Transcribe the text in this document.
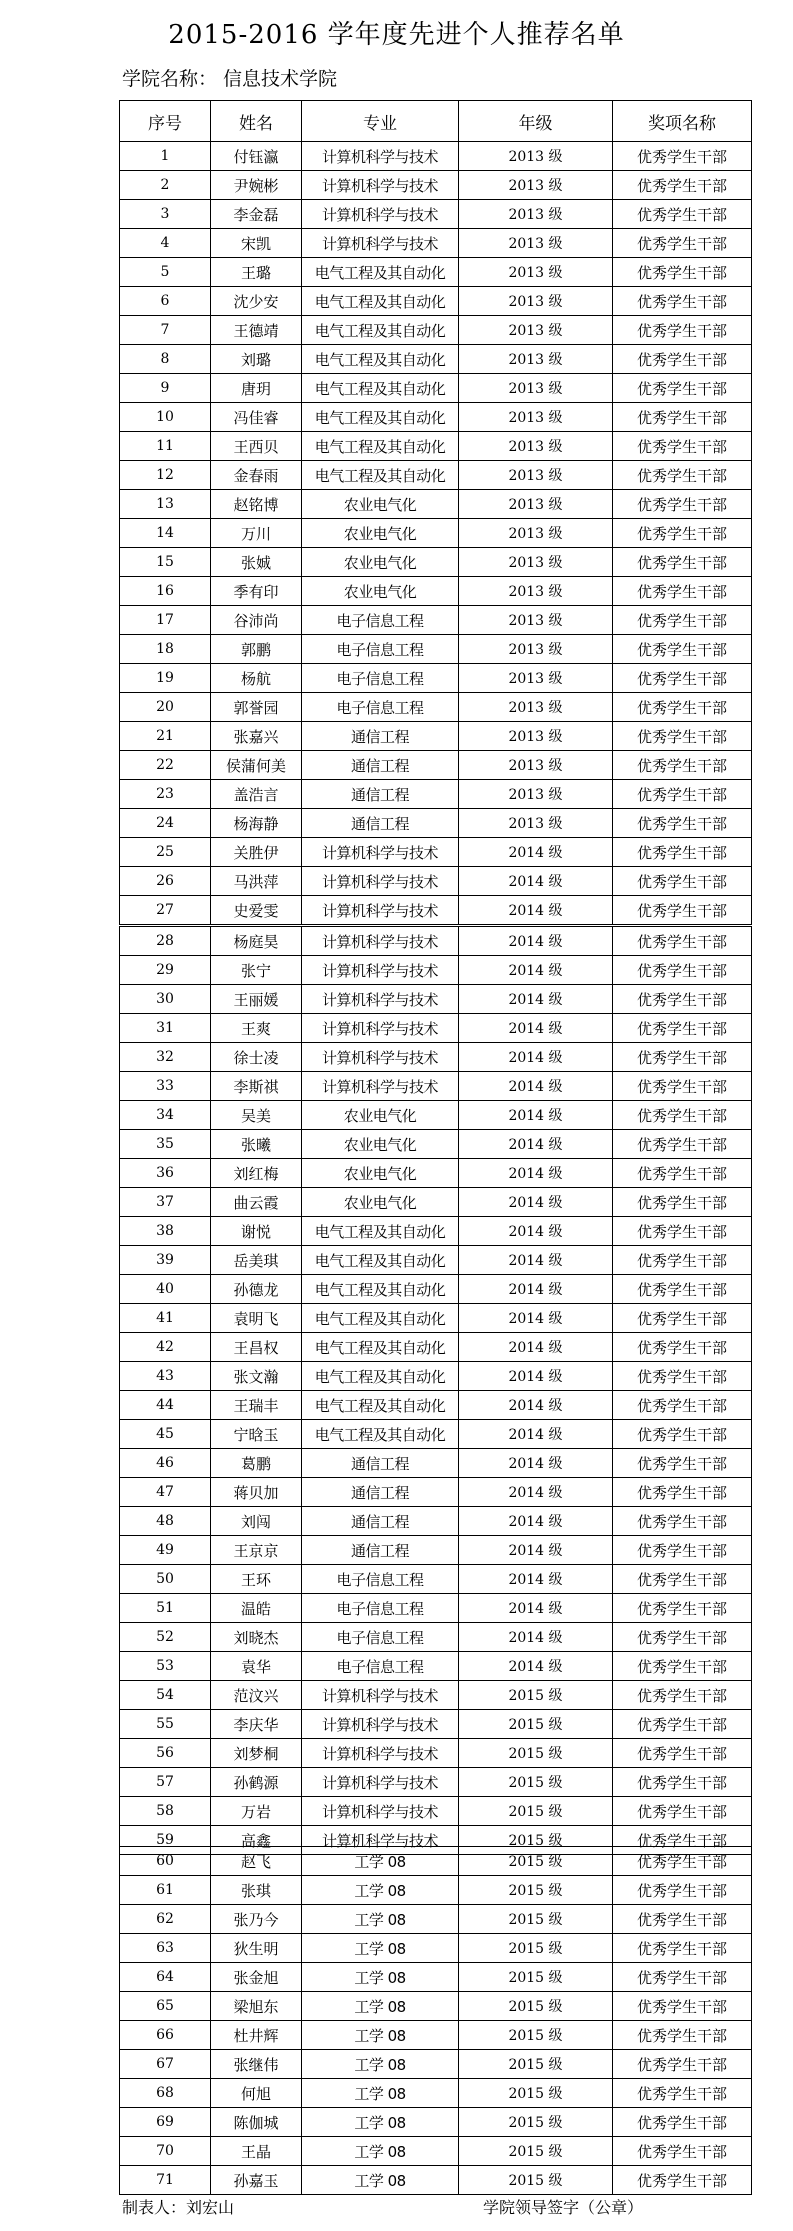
2015-2016 学年度先进个人推荐名单
学院名称： 信息技术学院
序号	姓名	专业	年级	奖项名称
1	付钰瀛	计算机科学与技术	2013 级	优秀学生干部
2	尹婉彬	计算机科学与技术	2013 级	优秀学生干部
3	李金磊	计算机科学与技术	2013 级	优秀学生干部
4	宋凯	计算机科学与技术	2013 级	优秀学生干部
5	王璐	电气工程及其自动化	2013 级	优秀学生干部
6	沈少安	电气工程及其自动化	2013 级	优秀学生干部
7	王德靖	电气工程及其自动化	2013 级	优秀学生干部
8	刘璐	电气工程及其自动化	2013 级	优秀学生干部
9	唐玥	电气工程及其自动化	2013 级	优秀学生干部
10	冯佳睿	电气工程及其自动化	2013 级	优秀学生干部
11	王西贝	电气工程及其自动化	2013 级	优秀学生干部
12	金春雨	电气工程及其自动化	2013 级	优秀学生干部
13	赵铭博	农业电气化	2013 级	优秀学生干部
14	万川	农业电气化	2013 级	优秀学生干部
15	张娍	农业电气化	2013 级	优秀学生干部
16	季有印	农业电气化	2013 级	优秀学生干部
17	谷沛尚	电子信息工程	2013 级	优秀学生干部
18	郭鹏	电子信息工程	2013 级	优秀学生干部
19	杨航	电子信息工程	2013 级	优秀学生干部
20	郭誉园	电子信息工程	2013 级	优秀学生干部
21	张嘉兴	通信工程	2013 级	优秀学生干部
22	侯蒲何美	通信工程	2013 级	优秀学生干部
23	盖浩言	通信工程	2013 级	优秀学生干部
24	杨海静	通信工程	2013 级	优秀学生干部
25	关胜伊	计算机科学与技术	2014 级	优秀学生干部
26	马洪萍	计算机科学与技术	2014 级	优秀学生干部
27	史爱雯	计算机科学与技术	2014 级	优秀学生干部
28	杨庭昊	计算机科学与技术	2014 级	优秀学生干部
29	张宁	计算机科学与技术	2014 级	优秀学生干部
30	王丽媛	计算机科学与技术	2014 级	优秀学生干部
31	王爽	计算机科学与技术	2014 级	优秀学生干部
32	徐士凌	计算机科学与技术	2014 级	优秀学生干部
33	李斯祺	计算机科学与技术	2014 级	优秀学生干部
34	吴美	农业电气化	2014 级	优秀学生干部
35	张曦	农业电气化	2014 级	优秀学生干部
36	刘红梅	农业电气化	2014 级	优秀学生干部
37	曲云霞	农业电气化	2014 级	优秀学生干部
38	谢悦	电气工程及其自动化	2014 级	优秀学生干部
39	岳美琪	电气工程及其自动化	2014 级	优秀学生干部
40	孙德龙	电气工程及其自动化	2014 级	优秀学生干部
41	袁明飞	电气工程及其自动化	2014 级	优秀学生干部
42	王昌权	电气工程及其自动化	2014 级	优秀学生干部
43	张文瀚	电气工程及其自动化	2014 级	优秀学生干部
44	王瑞丰	电气工程及其自动化	2014 级	优秀学生干部
45	宁晗玉	电气工程及其自动化	2014 级	优秀学生干部
46	葛鹏	通信工程	2014 级	优秀学生干部
47	蒋贝加	通信工程	2014 级	优秀学生干部
48	刘闯	通信工程	2014 级	优秀学生干部
49	王京京	通信工程	2014 级	优秀学生干部
50	王环	电子信息工程	2014 级	优秀学生干部
51	温皓	电子信息工程	2014 级	优秀学生干部
52	刘晓杰	电子信息工程	2014 级	优秀学生干部
53	袁华	电子信息工程	2014 级	优秀学生干部
54	范汶兴	计算机科学与技术	2015 级	优秀学生干部
55	李庆华	计算机科学与技术	2015 级	优秀学生干部
56	刘梦桐	计算机科学与技术	2015 级	优秀学生干部
57	孙鹤源	计算机科学与技术	2015 级	优秀学生干部
58	万岩	计算机科学与技术	2015 级	优秀学生干部
59	高鑫	计算机科学与技术	2015 级	优秀学生干部
60	赵飞	工学 08	2015 级	优秀学生干部
61	张琪	工学 08	2015 级	优秀学生干部
62	张乃今	工学 08	2015 级	优秀学生干部
63	狄生明	工学 08	2015 级	优秀学生干部
64	张金旭	工学 08	2015 级	优秀学生干部
65	梁旭东	工学 08	2015 级	优秀学生干部
66	杜井辉	工学 08	2015 级	优秀学生干部
67	张继伟	工学 08	2015 级	优秀学生干部
68	何旭	工学 08	2015 级	优秀学生干部
69	陈伽城	工学 08	2015 级	优秀学生干部
70	王晶	工学 08	2015 级	优秀学生干部
71	孙嘉玉	工学 08	2015 级	优秀学生干部
制表人：刘宏山	学院领导签字（公章）
